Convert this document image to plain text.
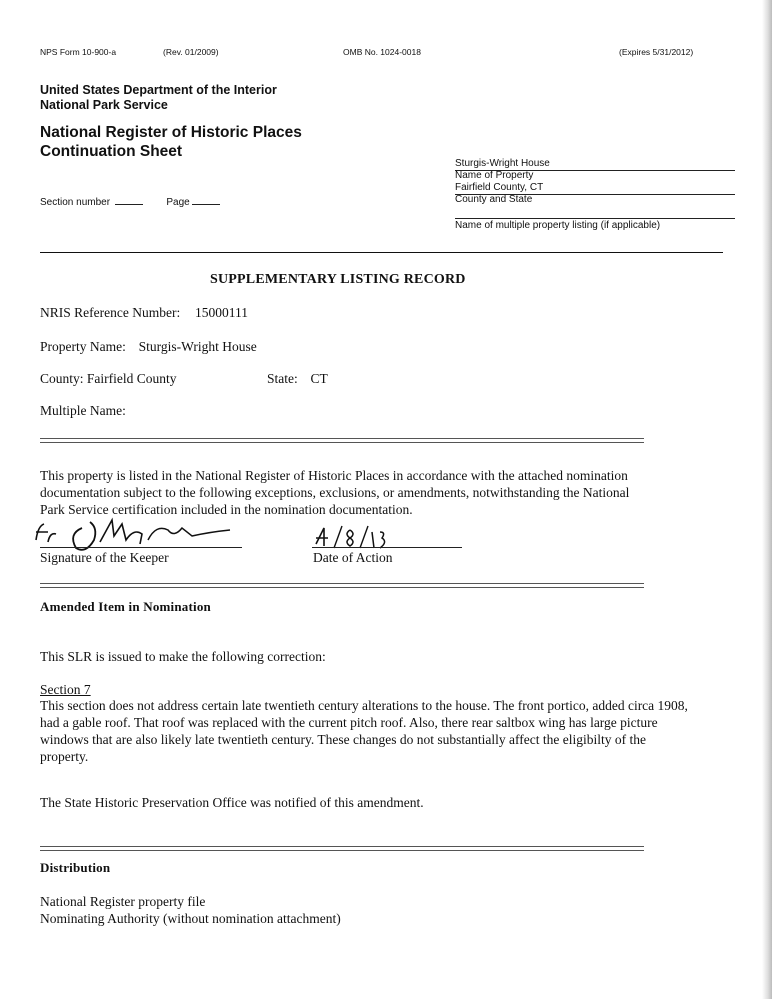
NPS Form 10-900-a	(Rev. 01/2009)	OMB No. 1024-0018	(Expires 5/31/2012)
United States Department of the Interior
National Park Service
National Register of Historic Places
Continuation Sheet
Section number	Page
Sturgis-Wright House
Name of Property
Fairfield County, CT
County and State
Name of multiple property listing (if applicable)
SUPPLEMENTARY LISTING RECORD
NRIS Reference Number: 15000111
Property Name: Sturgis-Wright House
County: Fairfield County	State: CT
Multiple Name:
This property is listed in the National Register of Historic Places in accordance with the attached nomination
documentation subject to the following exceptions, exclusions, or amendments, notwithstanding the National
Park Service certification included in the nomination documentation.
Signature of the Keeper	Date of Action
Amended Item in Nomination
This SLR is issued to make the following correction:
Section 7
This section does not address certain late twentieth century alterations to the house. The front portico, added circa 1908,
had a gable roof. That roof was replaced with the current pitch roof. Also, there rear saltbox wing has large picture
windows that are also likely late twentieth century. These changes do not substantially affect the eligibilty of the
property.
The State Historic Preservation Office was notified of this amendment.
Distribution
National Register property file
Nominating Authority (without nomination attachment)
